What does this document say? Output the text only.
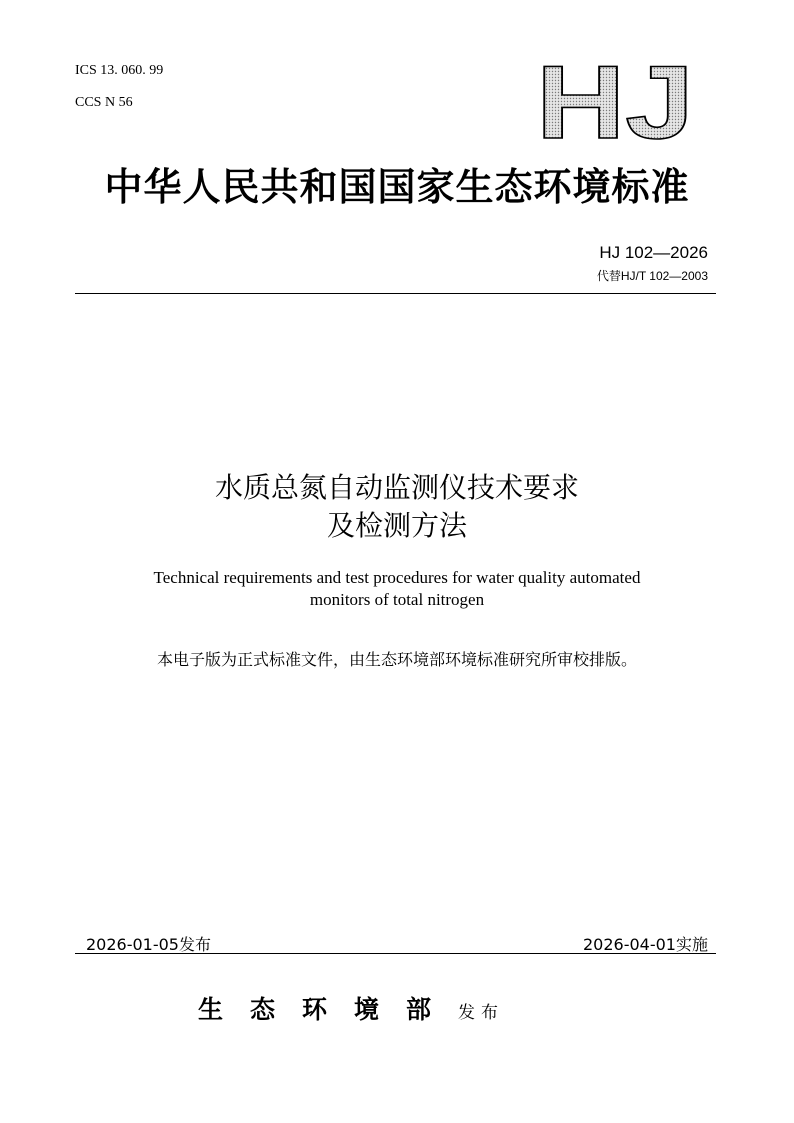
ICS 13. 060. 99
CCS N 56	HJ
中华人民共和国国家生态环境标准
HJ 102—2026
代替HJ/T 102—2003
水质总氮自动监测仪技术要求
及检测方法
Technical requirements and test procedures for water quality automated
monitors of total nitrogen
本电子版为正式标准文件，由生态环境部环境标准研究所审校排版。
2026-01-05发布	2026-04-01实施
生态环境部 发布
